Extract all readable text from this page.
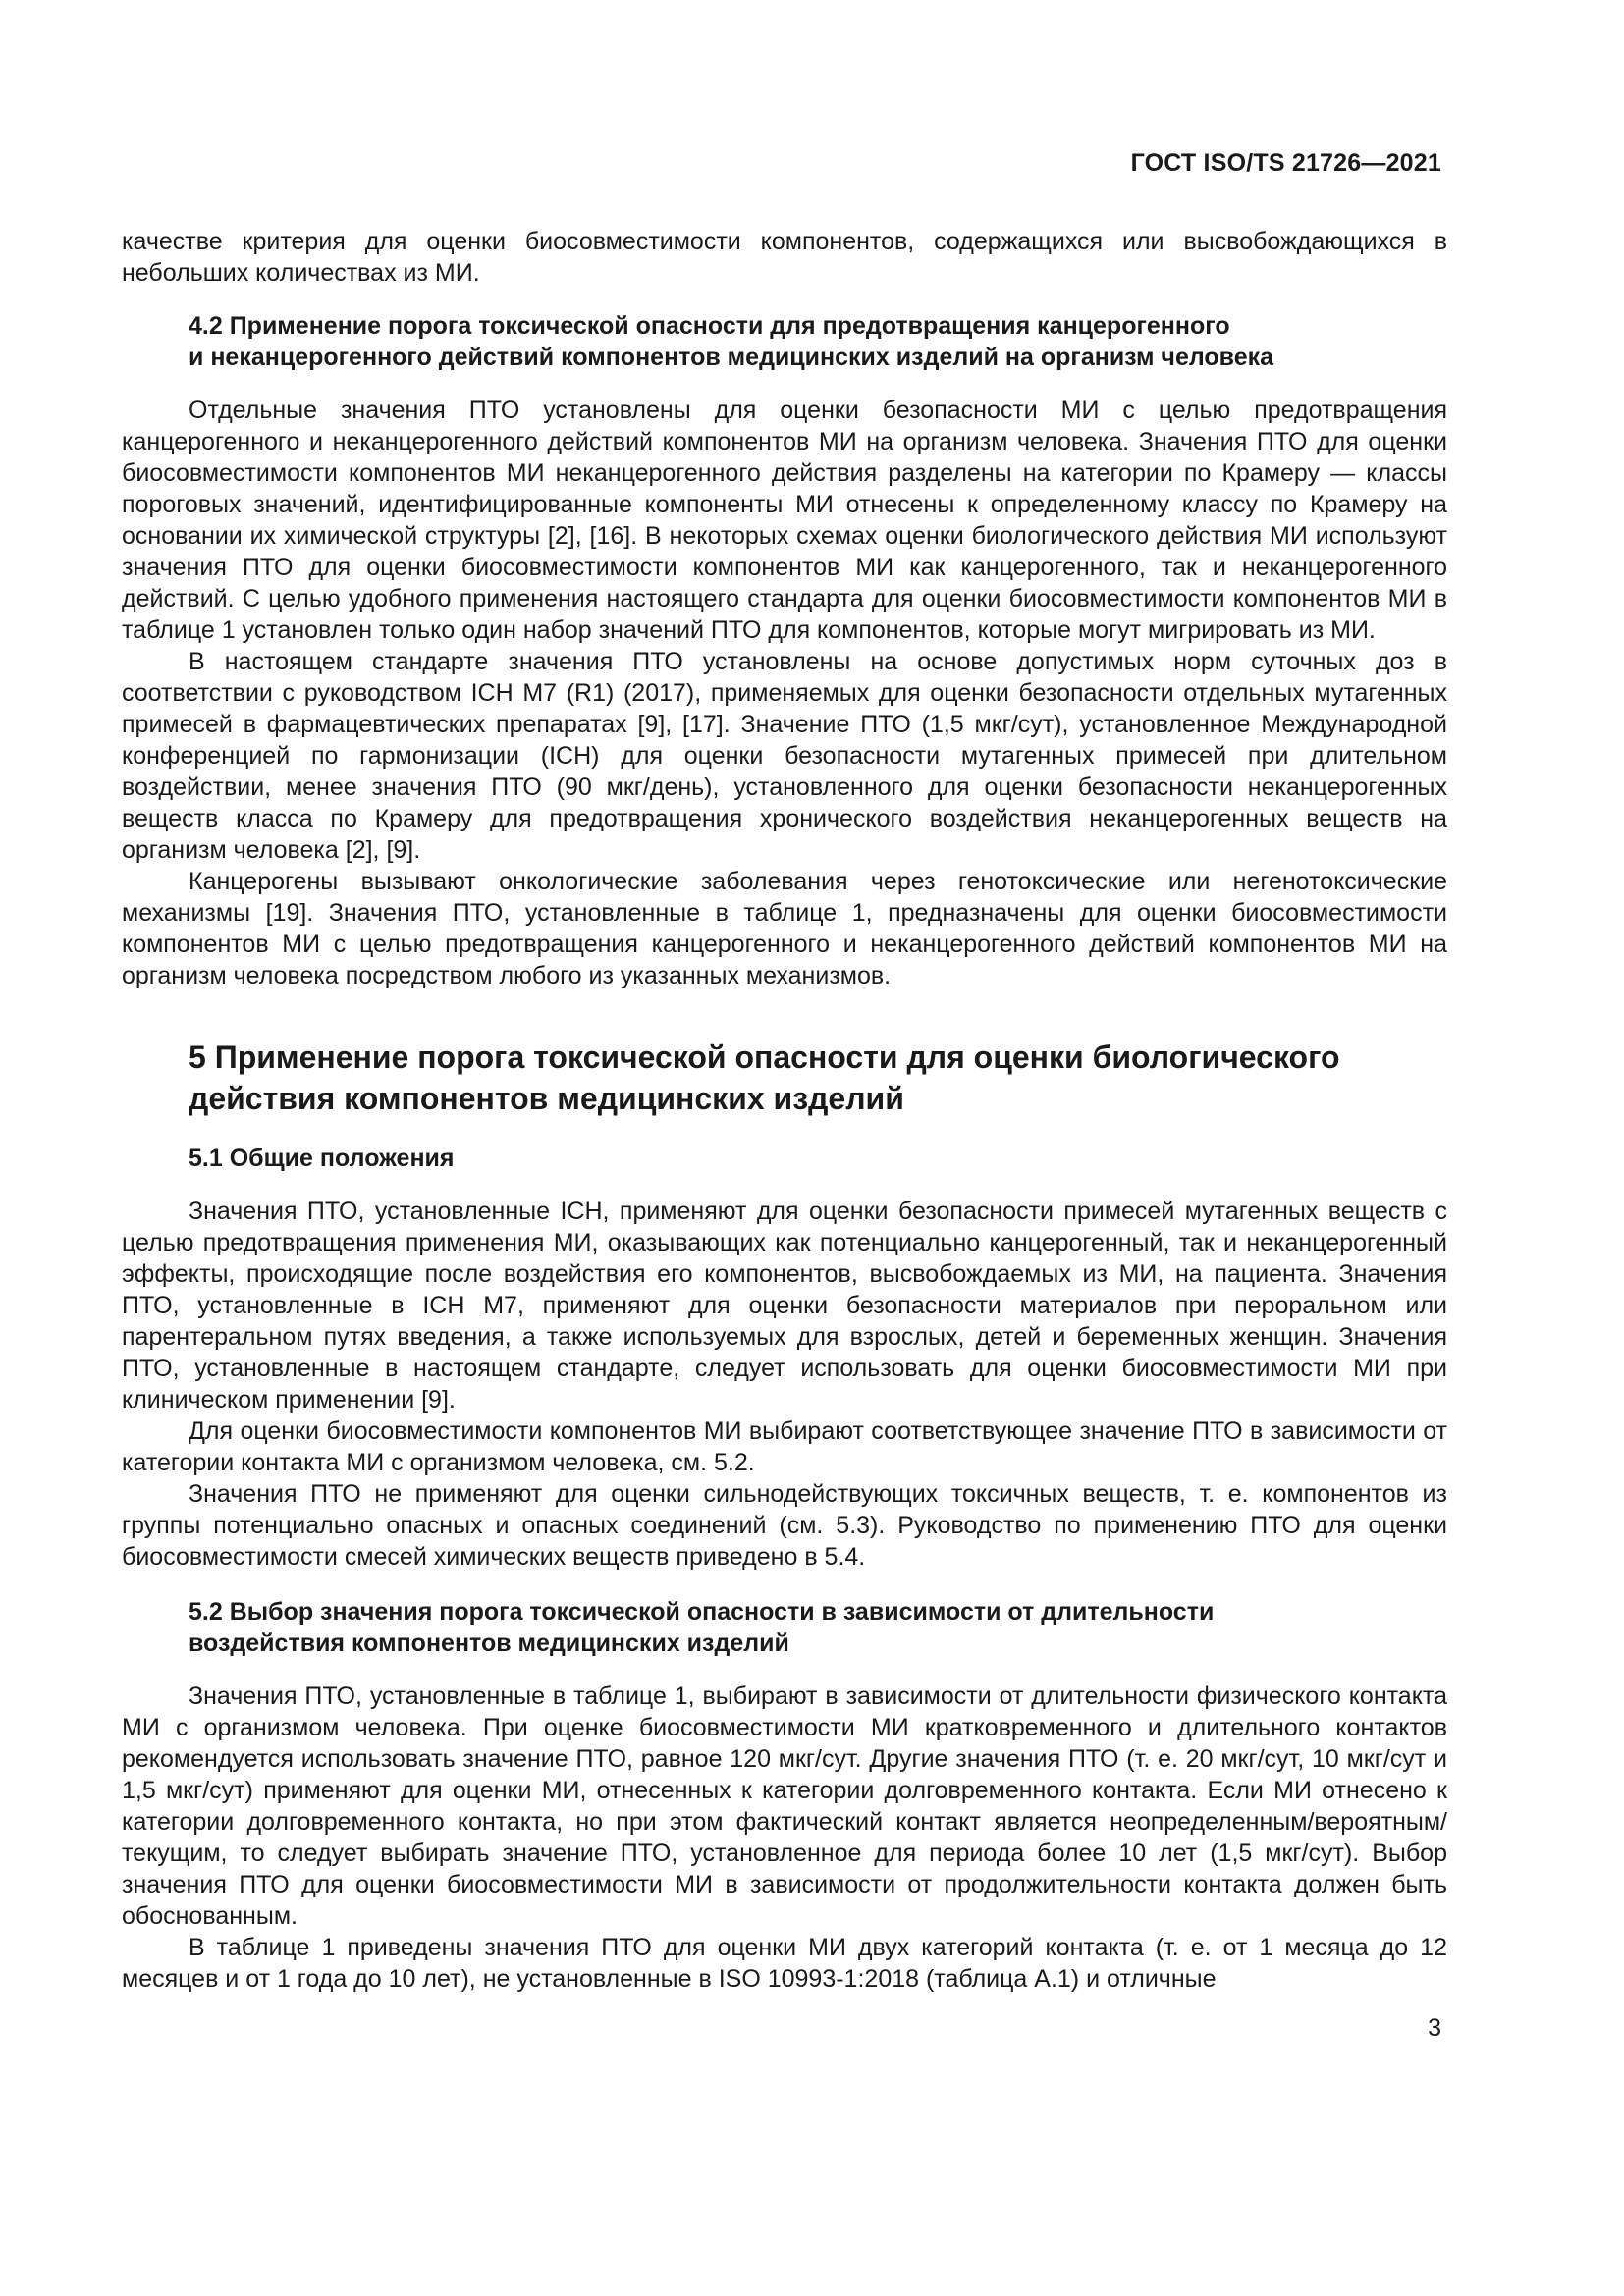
ГОСТ ISO/TS 21726—2021

качестве критерия для оценки биосовместимости компонентов, содержащихся или высвобождающихся в небольших количествах из МИ.

4.2 Применение порога токсической опасности для предотвращения канцерогенного
и неканцерогенного действий компонентов медицинских изделий на организм человека

Отдельные значения ПТО установлены для оценки безопасности МИ с целью предотвращения канцерогенного и неканцерогенного действий компонентов МИ на организм человека. Значения ПТО для оценки биосовместимости компонентов МИ неканцерогенного действия разделены на категории по Крамеру — классы пороговых значений, идентифицированные компоненты МИ отнесены к определенному классу по Крамеру на основании их химической структуры [2], [16]. В некоторых схемах оценки биологического действия МИ используют значения ПТО для оценки биосовместимости компонентов МИ как канцерогенного, так и неканцерогенного действий. С целью удобного применения настоящего стандарта для оценки биосовместимости компонентов МИ в таблице 1 установлен только один набор значений ПТО для компонентов, которые могут мигрировать из МИ.

В настоящем стандарте значения ПТО установлены на основе допустимых норм суточных доз в соответствии с руководством ICH M7 (R1) (2017), применяемых для оценки безопасности отдельных мутагенных примесей в фармацевтических препаратах [9], [17]. Значение ПТО (1,5 мкг/сут), установленное Международной конференцией по гармонизации (ICH) для оценки безопасности мутагенных примесей при длительном воздействии, менее значения ПТО (90 мкг/день), установленного для оценки безопасности неканцерогенных веществ класса по Крамеру для предотвращения хронического воздействия неканцерогенных веществ на организм человека [2], [9].

Канцерогены вызывают онкологические заболевания через генотоксические или негенотоксические механизмы [19]. Значения ПТО, установленные в таблице 1, предназначены для оценки биосовместимости компонентов МИ с целью предотвращения канцерогенного и неканцерогенного действий компонентов МИ на организм человека посредством любого из указанных механизмов.

5 Применение порога токсической опасности для оценки биологического
действия компонентов медицинских изделий
5.1 Общие положения

Значения ПТО, установленные ICH, применяют для оценки безопасности примесей мутагенных веществ с целью предотвращения применения МИ, оказывающих как потенциально канцерогенный, так и неканцерогенный эффекты, происходящие после воздействия его компонентов, высвобождаемых из МИ, на пациента. Значения ПТО, установленные в ICH M7, применяют для оценки безопасности материалов при пероральном или парентеральном путях введения, а также используемых для взрослых, детей и беременных женщин. Значения ПТО, установленные в настоящем стандарте, следует использовать для оценки биосовместимости МИ при клиническом применении [9].

Для оценки биосовместимости компонентов МИ выбирают соответствующее значение ПТО в зависимости от категории контакта МИ с организмом человека, см. 5.2.

Значения ПТО не применяют для оценки сильнодействующих токсичных веществ, т. е. компонентов из группы потенциально опасных и опасных соединений (см. 5.3). Руководство по применению ПТО для оценки биосовместимости смесей химических веществ приведено в 5.4.

5.2 Выбор значения порога токсической опасности в зависимости от длительности
воздействия компонентов медицинских изделий

Значения ПТО, установленные в таблице 1, выбирают в зависимости от длительности физического контакта МИ с организмом человека. При оценке биосовместимости МИ кратковременного и длительного контактов рекомендуется использовать значение ПТО, равное 120 мкг/сут. Другие значения ПТО (т. е. 20 мкг/сут, 10 мкг/сут и 1,5 мкг/сут) применяют для оценки МИ, отнесенных к категории долговременного контакта. Если МИ отнесено к категории долговременного контакта, но при этом фактический контакт является неопределенным/вероятным/текущим, то следует выбирать значение ПТО, установленное для периода более 10 лет (1,5 мкг/сут). Выбор значения ПТО для оценки биосовместимости МИ в зависимости от продолжительности контакта должен быть обоснованным.

В таблице 1 приведены значения ПТО для оценки МИ двух категорий контакта (т. е. от 1 месяца до 12 месяцев и от 1 года до 10 лет), не установленные в ISO 10993-1:2018 (таблица А.1) и отличные

3
